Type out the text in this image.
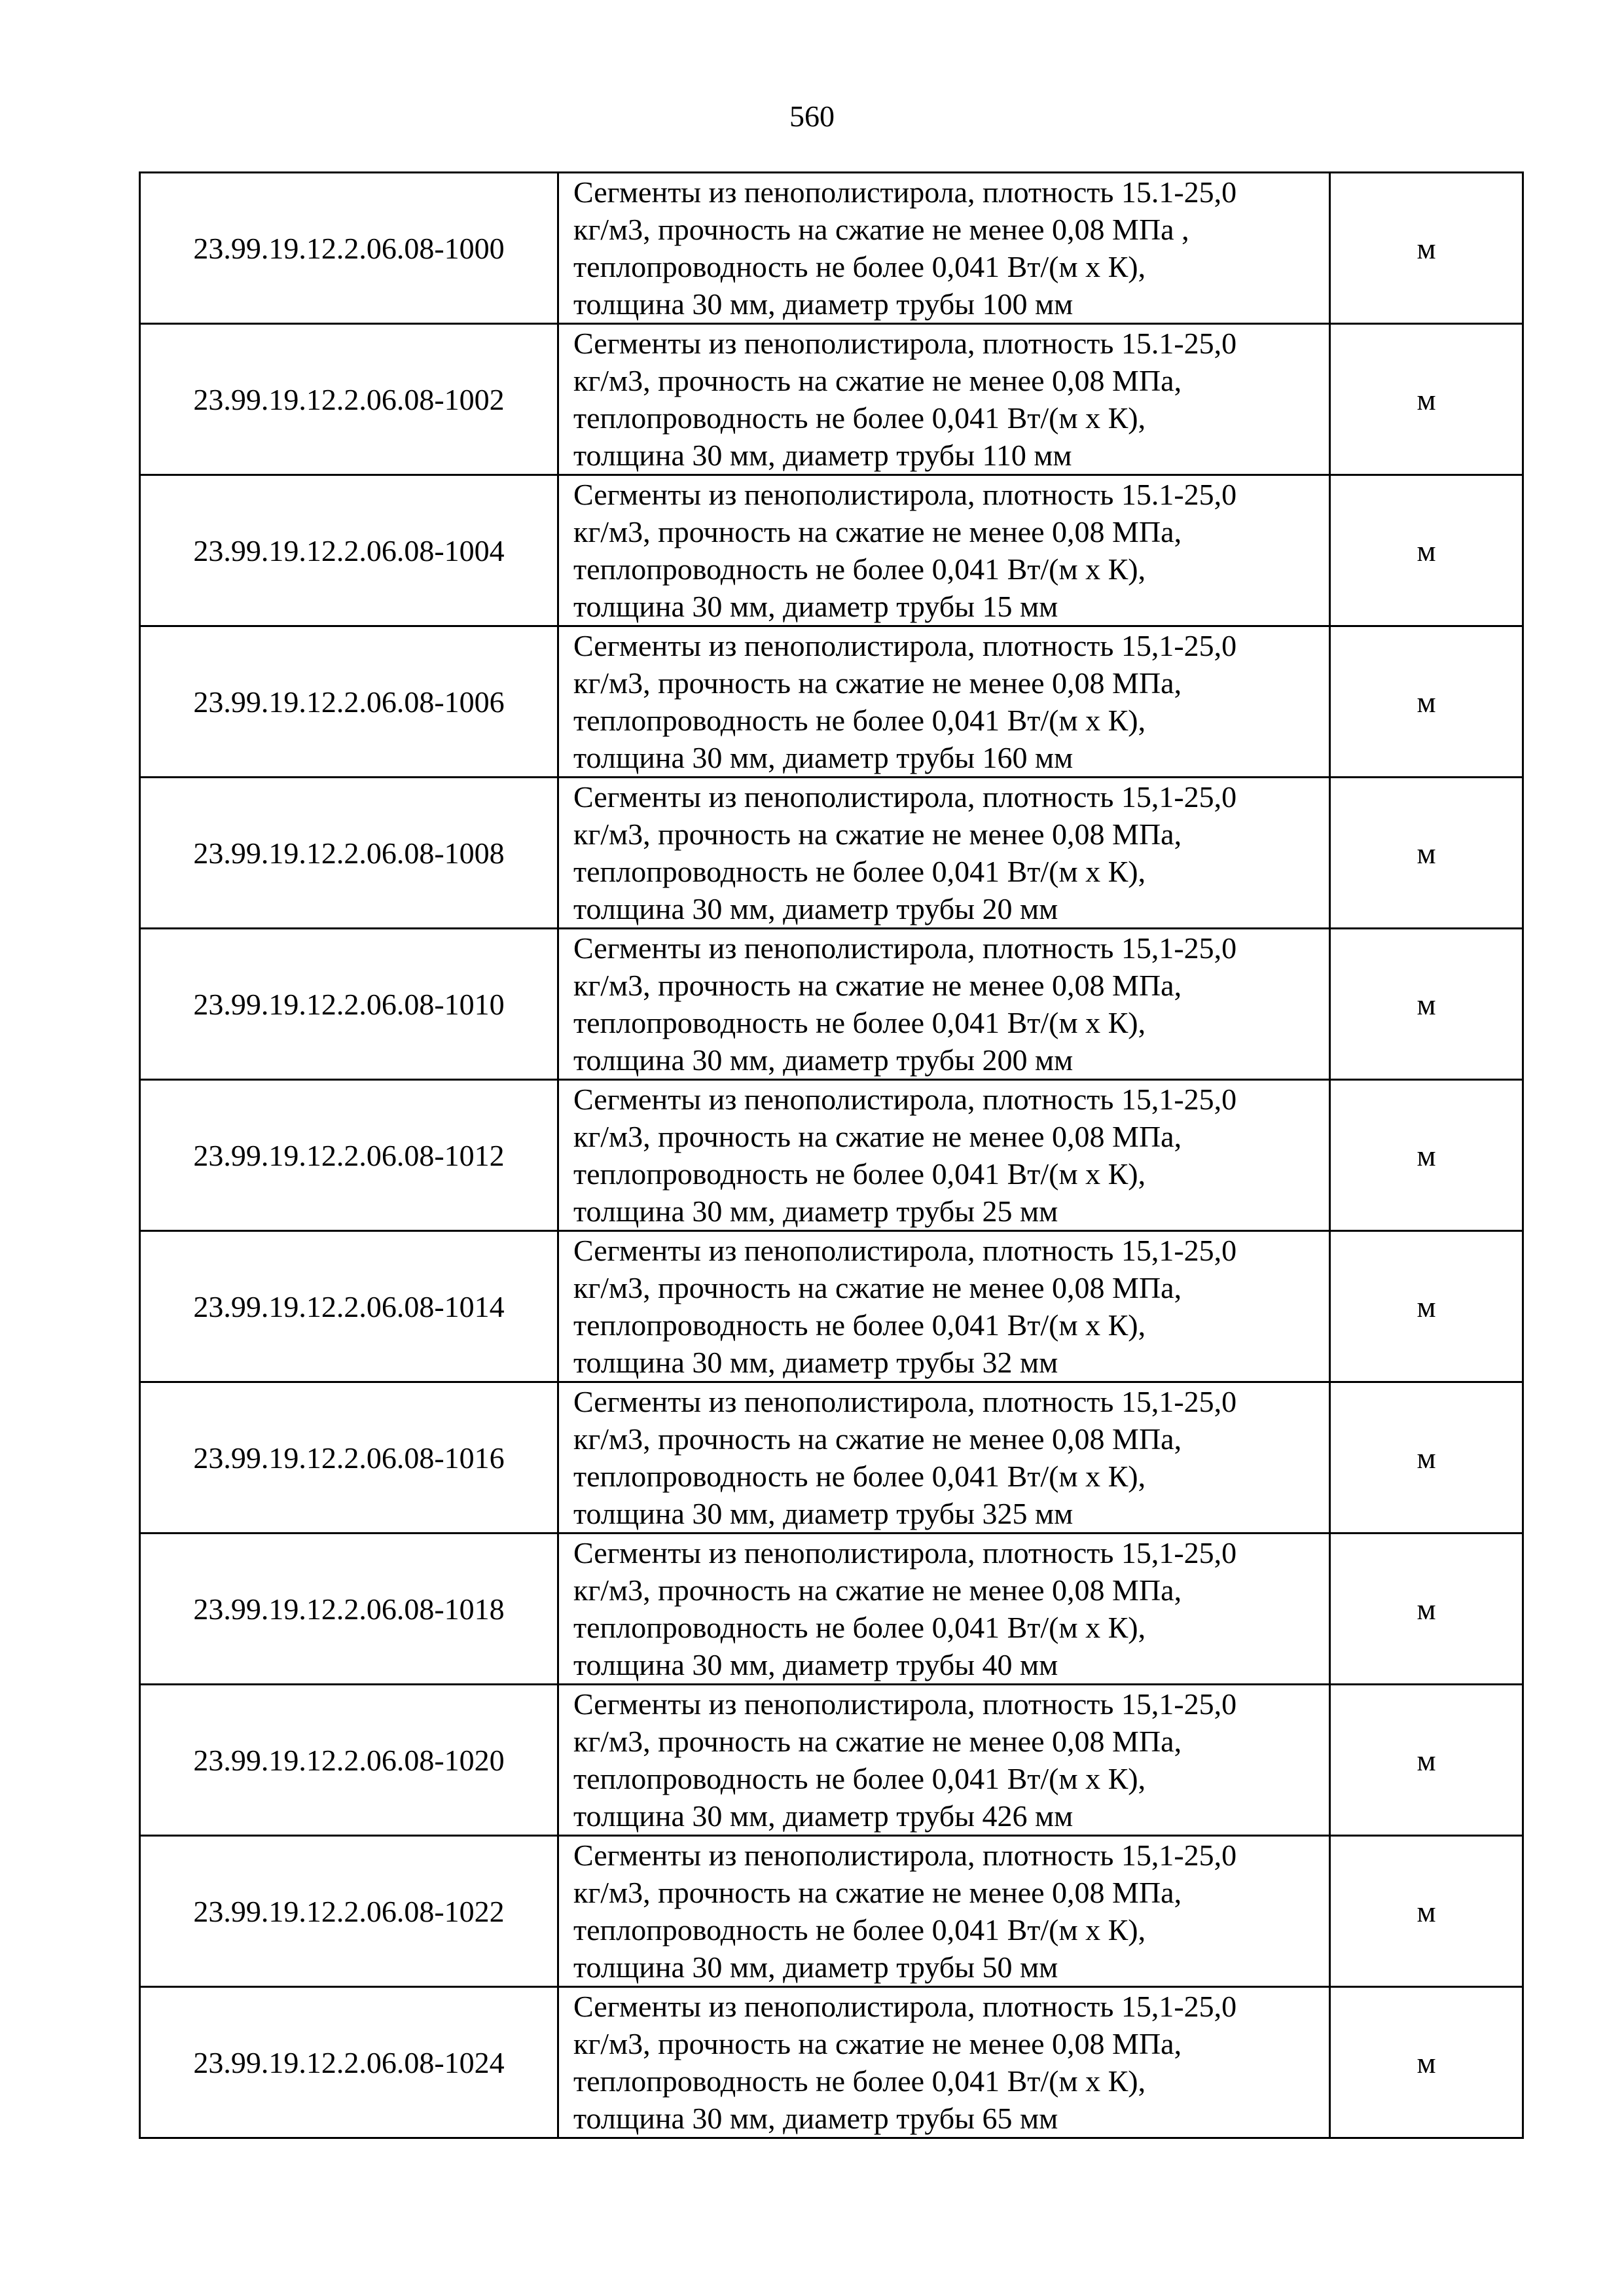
560
23.99.19.12.2.06.08-1000	Сегменты из пенополистирола, плотность 15.1-25,0
кг/м3, прочность на сжатие не менее 0,08 МПа ,
теплопроводность не более 0,041 Вт/(м х К),
толщина 30 мм, диаметр трубы 100 мм	м
23.99.19.12.2.06.08-1002	Сегменты из пенополистирола, плотность 15.1-25,0
кг/м3, прочность на сжатие не менее 0,08 МПа,
теплопроводность не более 0,041 Вт/(м х К),
толщина 30 мм, диаметр трубы 110 мм	м
23.99.19.12.2.06.08-1004	Сегменты из пенополистирола, плотность 15.1-25,0
кг/м3, прочность на сжатие не менее 0,08 МПа,
теплопроводность не более 0,041 Вт/(м х К),
толщина 30 мм, диаметр трубы 15 мм	м
23.99.19.12.2.06.08-1006	Сегменты из пенополистирола, плотность 15,1-25,0
кг/м3, прочность на сжатие не менее 0,08 МПа,
теплопроводность не более 0,041 Вт/(м х К),
толщина 30 мм, диаметр трубы 160 мм	м
23.99.19.12.2.06.08-1008	Сегменты из пенополистирола, плотность 15,1-25,0
кг/м3, прочность на сжатие не менее 0,08 МПа,
теплопроводность не более 0,041 Вт/(м х К),
толщина 30 мм, диаметр трубы 20 мм	м
23.99.19.12.2.06.08-1010	Сегменты из пенополистирола, плотность 15,1-25,0
кг/м3, прочность на сжатие не менее 0,08 МПа,
теплопроводность не более 0,041 Вт/(м х К),
толщина 30 мм, диаметр трубы 200 мм	м
23.99.19.12.2.06.08-1012	Сегменты из пенополистирола, плотность 15,1-25,0
кг/м3, прочность на сжатие не менее 0,08 МПа,
теплопроводность не более 0,041 Вт/(м х К),
толщина 30 мм, диаметр трубы 25 мм	м
23.99.19.12.2.06.08-1014	Сегменты из пенополистирола, плотность 15,1-25,0
кг/м3, прочность на сжатие не менее 0,08 МПа,
теплопроводность не более 0,041 Вт/(м х К),
толщина 30 мм, диаметр трубы 32 мм	м
23.99.19.12.2.06.08-1016	Сегменты из пенополистирола, плотность 15,1-25,0
кг/м3, прочность на сжатие не менее 0,08 МПа,
теплопроводность не более 0,041 Вт/(м х К),
толщина 30 мм, диаметр трубы 325 мм	м
23.99.19.12.2.06.08-1018	Сегменты из пенополистирола, плотность 15,1-25,0
кг/м3, прочность на сжатие не менее 0,08 МПа,
теплопроводность не более 0,041 Вт/(м х К),
толщина 30 мм, диаметр трубы 40 мм	м
23.99.19.12.2.06.08-1020	Сегменты из пенополистирола, плотность 15,1-25,0
кг/м3, прочность на сжатие не менее 0,08 МПа,
теплопроводность не более 0,041 Вт/(м х К),
толщина 30 мм, диаметр трубы 426 мм	м
23.99.19.12.2.06.08-1022	Сегменты из пенополистирола, плотность 15,1-25,0
кг/м3, прочность на сжатие не менее 0,08 МПа,
теплопроводность не более 0,041 Вт/(м х К),
толщина 30 мм, диаметр трубы 50 мм	м
23.99.19.12.2.06.08-1024	Сегменты из пенополистирола, плотность 15,1-25,0
кг/м3, прочность на сжатие не менее 0,08 МПа,
теплопроводность не более 0,041 Вт/(м х К),
толщина 30 мм, диаметр трубы 65 мм	м
